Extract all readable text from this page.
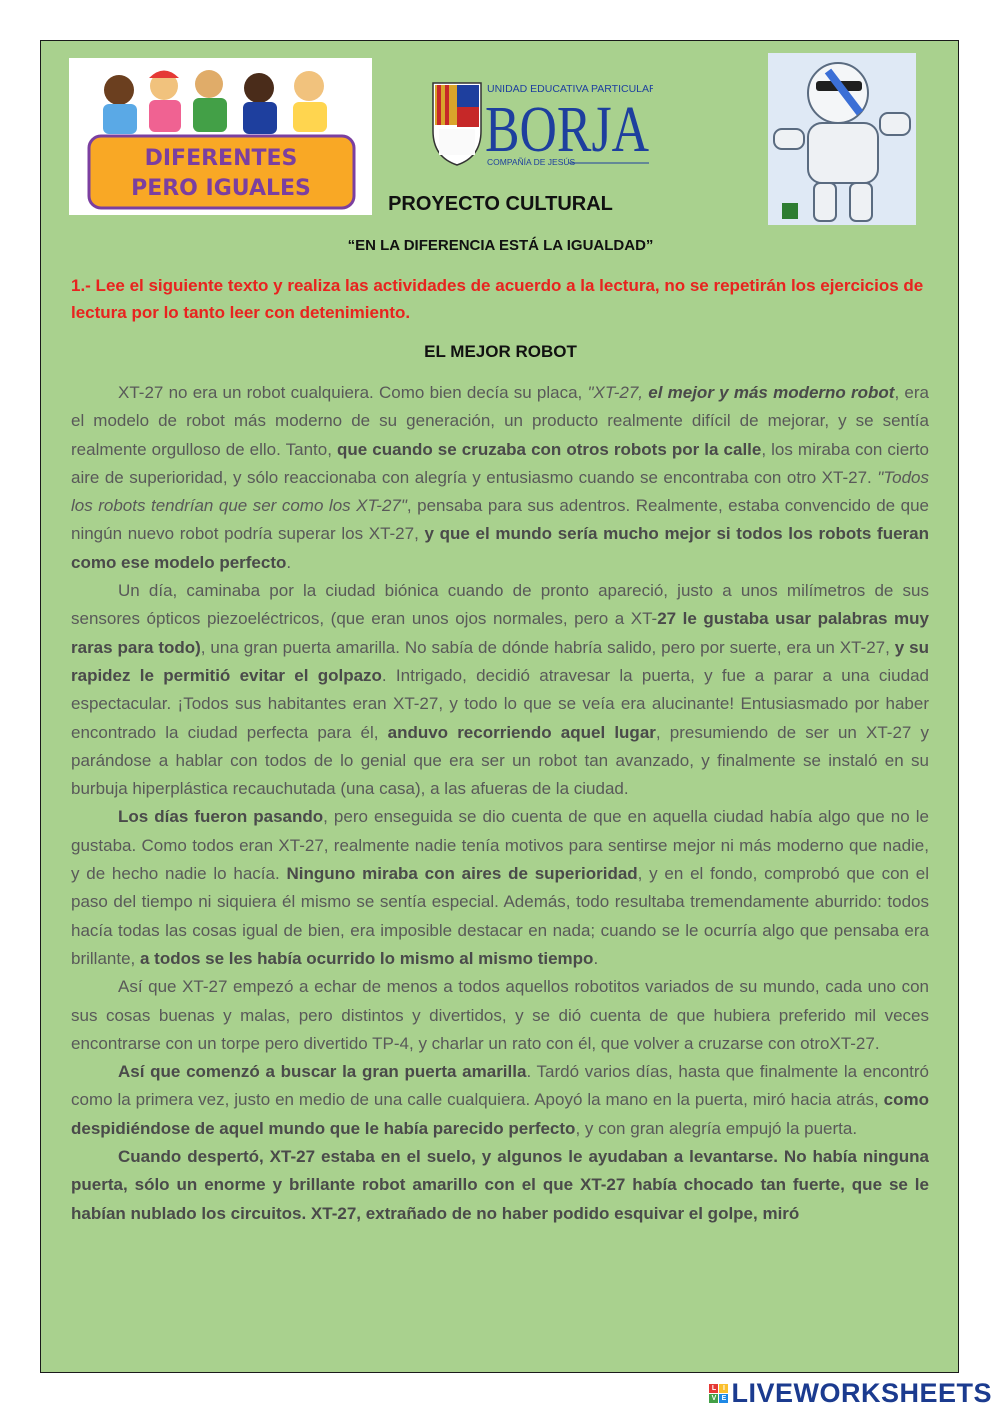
DIFERENTES
PERO IGUALES
UNIDAD EDUCATIVA PARTICULAR
BORJA
COMPAÑÍA DE JESÚS
PROYECTO CULTURAL
“EN LA DIFERENCIA ESTÁ LA IGUALDAD”
1.- Lee el siguiente texto y realiza las actividades de acuerdo a la lectura, no se repetirán los ejercicios de lectura por lo tanto leer con detenimiento.
EL MEJOR ROBOT

XT-27 no era un robot cualquiera. Como bien decía su placa, "XT-27, el mejor y más moderno robot, era el modelo de robot más moderno de su generación, un producto realmente difícil de mejorar, y se sentía realmente orgulloso de ello. Tanto, que cuando se cruzaba con otros robots por la calle, los miraba con cierto aire de superioridad, y sólo reaccionaba con alegría y entusiasmo cuando se encontraba con otro XT-27. "Todos los robots tendrían que ser como los XT-27", pensaba para sus adentros. Realmente, estaba convencido de que ningún nuevo robot podría superar los XT-27, y que el mundo sería mucho mejor si todos los robots fueran como ese modelo perfecto.

Un día, caminaba por la ciudad biónica cuando de pronto apareció, justo a unos milímetros de sus sensores ópticos piezoeléctricos, (que eran unos ojos normales, pero a XT-27 le gustaba usar palabras muy raras para todo), una gran puerta amarilla. No sabía de dónde habría salido, pero por suerte, era un XT-27, y su rapidez le permitió evitar el golpazo. Intrigado, decidió atravesar la puerta, y fue a parar a una ciudad espectacular. ¡Todos sus habitantes eran XT-27, y todo lo que se veía era alucinante! Entusiasmado por haber encontrado la ciudad perfecta para él, anduvo recorriendo aquel lugar, presumiendo de ser un XT-27 y parándose a hablar con todos de lo genial que era ser un robot tan avanzado, y finalmente se instaló en su burbuja hiperplástica recauchutada (una casa), a las afueras de la ciudad.

Los días fueron pasando, pero enseguida se dio cuenta de que en aquella ciudad había algo que no le gustaba. Como todos eran XT-27, realmente nadie tenía motivos para sentirse mejor ni más moderno que nadie, y de hecho nadie lo hacía. Ninguno miraba con aires de superioridad, y en el fondo, comprobó que con el paso del tiempo ni siquiera él mismo se sentía especial. Además, todo resultaba tremendamente aburrido: todos hacía todas las cosas igual de bien, era imposible destacar en nada; cuando se le ocurría algo que pensaba era brillante, a todos se les había ocurrido lo mismo al mismo tiempo.

Así que XT-27 empezó a echar de menos a todos aquellos robotitos variados de su mundo, cada uno con sus cosas buenas y malas, pero distintos y divertidos, y se dió cuenta de que hubiera preferido mil veces encontrarse con un torpe pero divertido TP-4, y charlar un rato con él, que volver a cruzarse con otroXT-27.

Así que comenzó a buscar la gran puerta amarilla. Tardó varios días, hasta que finalmente la encontró como la primera vez, justo en medio de una calle cualquiera. Apoyó la mano en la puerta, miró hacia atrás, como despidiéndose de aquel mundo que le había parecido perfecto, y con gran alegría empujó la puerta.

Cuando despertó, XT-27 estaba en el suelo, y algunos le ayudaban a levantarse. No había ninguna puerta, sólo un enorme y brillante robot amarillo con el que XT-27 había chocado tan fuerte, que se le habían nublado los circuitos. XT-27, extrañado de no haber podido esquivar el golpe, miró

L I
V E LIVEWORKSHEETS
